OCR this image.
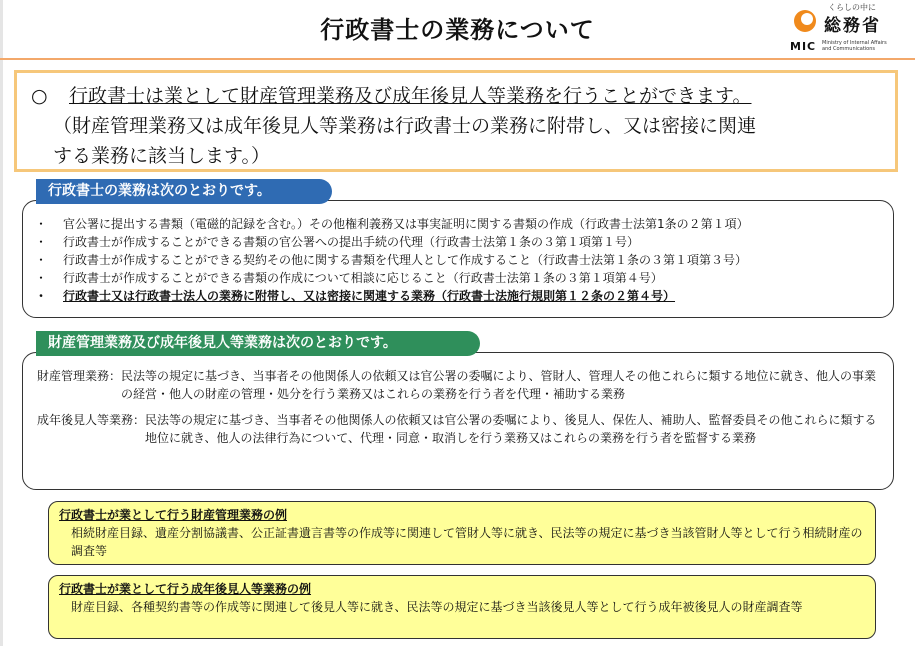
行政書士の業務について
くらしの中に
総務省
MIC Ministry of Internal Affairs
and Communications
○	行政書士は業として財産管理業務及び成年後見人等業務を行うことができます。
（財産管理業務又は成年後見人等業務は行政書士の業務に附帯し、又は密接に関連
する業務に該当します。）
・	官公署に提出する書類（電磁的記録を含む。）その他権利義務又は事実証明に関する書類の作成（行政書士法第1条の２第１項）
・	行政書士が作成することができる書類の官公署への提出手続の代理（行政書士法第１条の３第１項第１号）
・	行政書士が作成することができる契約その他に関する書類を代理人として作成すること（行政書士法第１条の３第１項第３号）
・	行政書士が作成することができる書類の作成について相談に応じること（行政書士法第１条の３第１項第４号）
・	行政書士又は行政書士法人の業務に附帯し、又は密接に関連する業務（行政書士法施行規則第１２条の２第４号）
行政書士の業務は次のとおりです。
財産管理業務： 民法等の規定に基づき、当事者その他関係人の依頼又は官公署の委嘱により、管財人、管理人その他これらに類する地位に就き、他人の事業の経営・他人の財産の管理・処分を行う業務又はこれらの業務を行う者を代理・補助する業務
成年後見人等業務： 民法等の規定に基づき、当事者その他関係人の依頼又は官公署の委嘱により、後見人、保佐人、補助人、監督委員その他これらに類する地位に就き、他人の法律行為について、代理・同意・取消しを行う業務又はこれらの業務を行う者を監督する業務
財産管理業務及び成年後見人等業務は次のとおりです。
行政書士が業として行う財産管理業務の例
相続財産目録、遺産分割協議書、公正証書遺言書等の作成等に関連して管財人等に就き、民法等の規定に基づき当該管財人等として行う相続財産の調査等
行政書士が業として行う成年後見人等業務の例
財産目録、各種契約書等の作成等に関連して後見人等に就き、民法等の規定に基づき当該後見人等として行う成年被後見人の財産調査等
